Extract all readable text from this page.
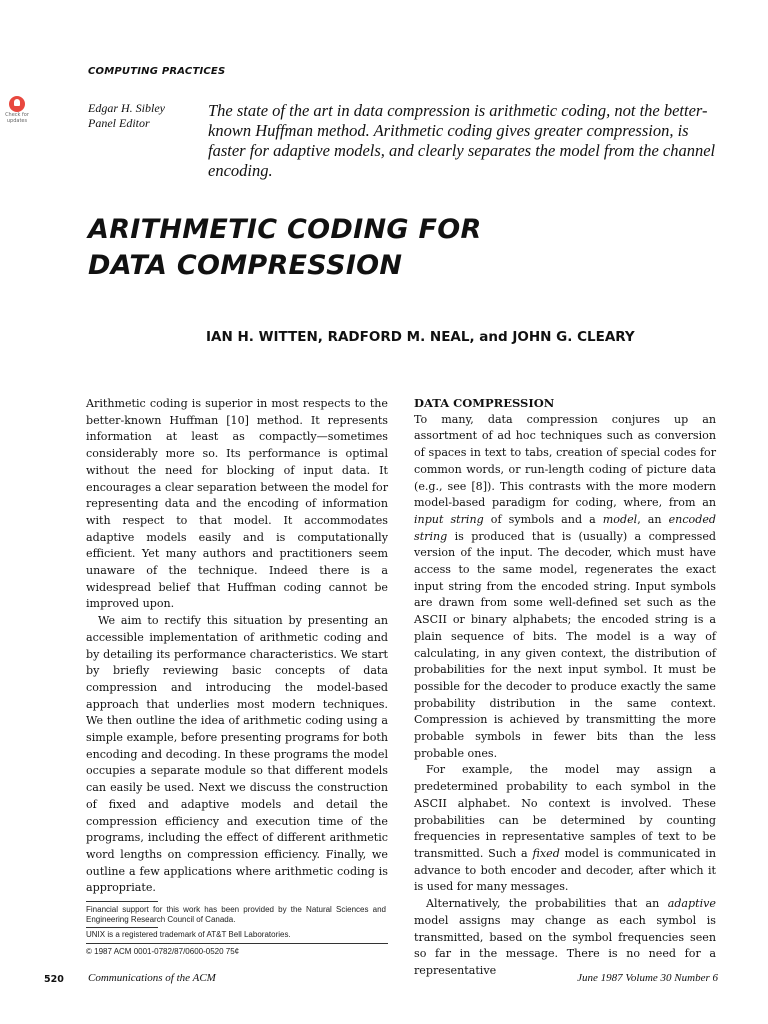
COMPUTING PRACTICES
Check for updates
Edgar H. Sibley
Panel Editor
The state of the art in data compression is arithmetic coding, not the better-known Huffman method. Arithmetic coding gives greater compression, is faster for adaptive models, and clearly separates the model from the channel encoding.
ARITHMETIC CODING FOR
DATA COMPRESSION
IAN H. WITTEN, RADFORD M. NEAL, and JOHN G. CLEARY

Arithmetic coding is superior in most respects to the better-known Huffman [10] method. It represents information at least as compactly—sometimes considerably more so. Its performance is optimal without the need for blocking of input data. It encourages a clear separation between the model for representing data and the encoding of information with respect to that model. It accommodates adaptive models easily and is computationally efficient. Yet many authors and practitioners seem unaware of the technique. Indeed there is a widespread belief that Huffman coding cannot be improved upon.

We aim to rectify this situation by presenting an accessible implementation of arithmetic coding and by detailing its performance characteristics. We start by briefly reviewing basic concepts of data compression and introducing the model-based approach that underlies most modern techniques. We then outline the idea of arithmetic coding using a simple example, before presenting programs for both encoding and decoding. In these programs the model occupies a separate module so that different models can easily be used. Next we discuss the construction of fixed and adaptive models and detail the compression efficiency and execution time of the programs, including the effect of different arithmetic word lengths on compression efficiency. Finally, we outline a few applications where arithmetic coding is appropriate.

Financial support for this work has been provided by the Natural Sciences and Engineering Research Council of Canada.
UNIX is a registered trademark of AT&T Bell Laboratories.
© 1987 ACM 0001-0782/87/0600-0520 75¢
DATA COMPRESSION

To many, data compression conjures up an assortment of ad hoc techniques such as conversion of spaces in text to tabs, creation of special codes for common words, or run-length coding of picture data (e.g., see [8]). This contrasts with the more modern model-based paradigm for coding, where, from an input string of symbols and a model, an encoded string is produced that is (usually) a compressed version of the input. The decoder, which must have access to the same model, regenerates the exact input string from the encoded string. Input symbols are drawn from some well-defined set such as the ASCII or binary alphabets; the encoded string is a plain sequence of bits. The model is a way of calculating, in any given context, the distribution of probabilities for the next input symbol. It must be possible for the decoder to produce exactly the same probability distribution in the same context. Compression is achieved by transmitting the more probable symbols in fewer bits than the less probable ones.

For example, the model may assign a predetermined probability to each symbol in the ASCII alphabet. No context is involved. These probabilities can be determined by counting frequencies in representative samples of text to be transmitted. Such a fixed model is communicated in advance to both encoder and decoder, after which it is used for many messages.

Alternatively, the probabilities that an adaptive model assigns may change as each symbol is transmitted, based on the symbol frequencies seen so far in the message. There is no need for a representative

520 Communications of the ACM	June 1987 Volume 30 Number 6
